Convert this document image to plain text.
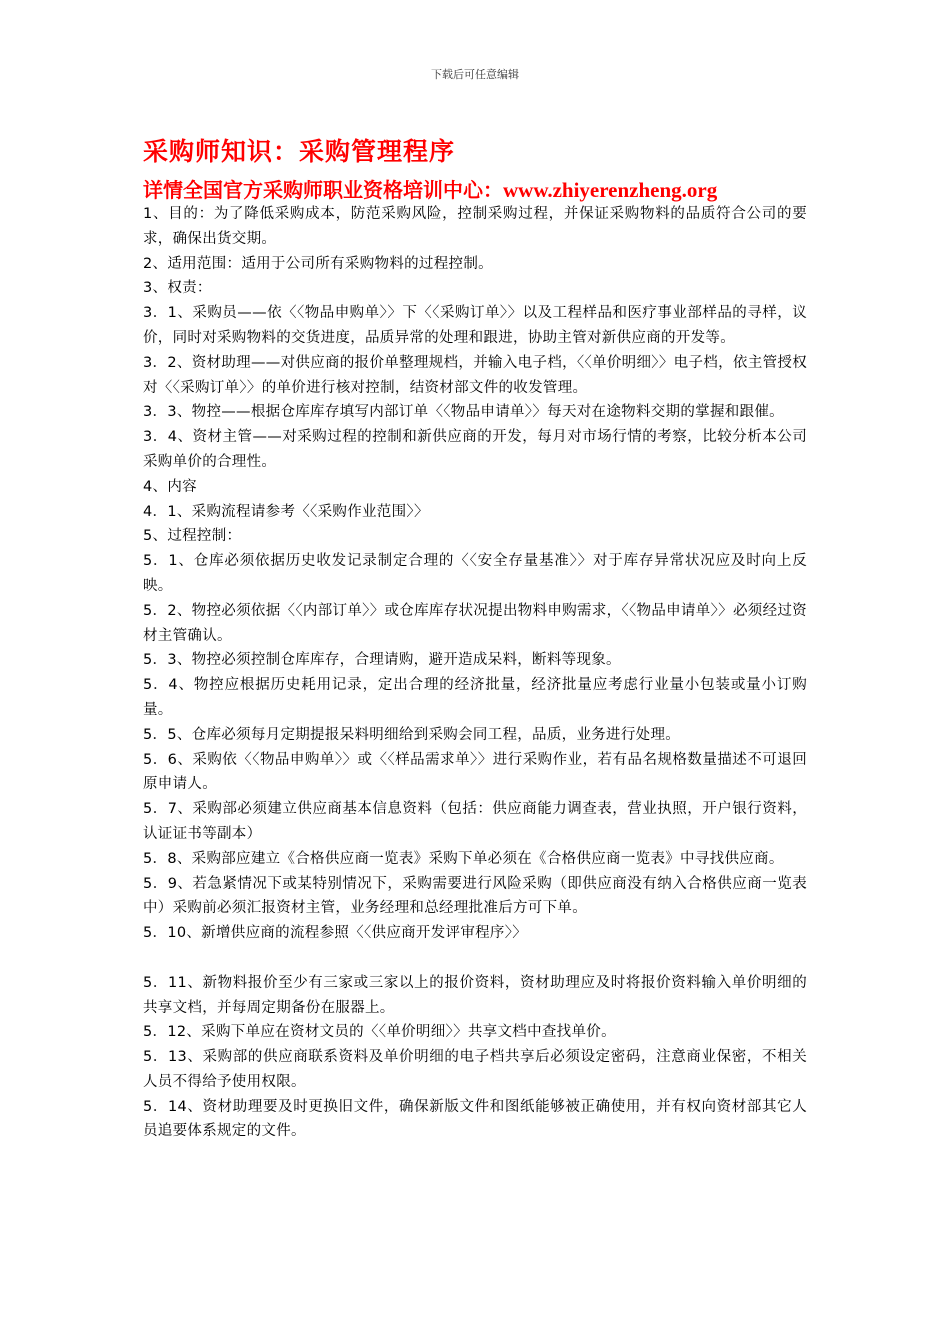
下载后可任意编辑
采购师知识：采购管理程序
详情全国官方采购师职业资格培训中心：www.zhiyerenzheng.org

1、目的：为了降低采购成本，防范采购风险，控制采购过程，并保证采购物料的品质符合公司的要求，确保出货交期。

2、适用范围：适用于公司所有采购物料的过程控制。

3、权责：

3．1、采购员——依〈〈物品申购单〉〉下〈〈采购订单〉〉以及工程样品和医疗事业部样品的寻样，议价，同时对采购物料的交货进度，品质异常的处理和跟进，协助主管对新供应商的开发等。

3．2、资材助理——对供应商的报价单整理规档，并输入电子档，〈〈单价明细〉〉电子档，依主管授权对〈〈采购订单〉〉的单价进行核对控制，结资材部文件的收发管理。

3．3、物控——根据仓库库存填写内部订单〈〈物品申请单〉〉每天对在途物料交期的掌握和跟催。

3．4、资材主管——对采购过程的控制和新供应商的开发，每月对市场行情的考察，比较分析本公司采购单价的合理性。

4、内容

4．1、采购流程请参考〈〈采购作业范围〉〉

5、过程控制：

5．1、仓库必须依据历史收发记录制定合理的〈〈安全存量基准〉〉对于库存异常状况应及时向上反映。

5．2、物控必须依据〈〈内部订单〉〉或仓库库存状况提出物料申购需求，〈〈物品申请单〉〉必须经过资材主管确认。

5．3、物控必须控制仓库库存，合理请购，避开造成呆料，断料等现象。

5．4、物控应根据历史耗用记录，定出合理的经济批量，经济批量应考虑行业量小包装或量小订购量。

5．5、仓库必须每月定期提报呆料明细给到采购会同工程，品质，业务进行处理。

5．6、采购依〈〈物品申购单〉〉或〈〈样品需求单〉〉进行采购作业，若有品名规格数量描述不可退回原申请人。

5．7、采购部必须建立供应商基本信息资料（包括：供应商能力调查表，营业执照，开户银行资料，认证证书等副本）

5．8、采购部应建立《合格供应商一览表》采购下单必须在《合格供应商一览表》中寻找供应商。

5．9、若急紧情况下或某特别情况下，采购需要进行风险采购（即供应商没有纳入合格供应商一览表中）采购前必须汇报资材主管，业务经理和总经理批准后方可下单。

5．10、新增供应商的流程参照〈〈供应商开发评审程序〉〉

5．11、新物料报价至少有三家或三家以上的报价资料，资材助理应及时将报价资料输入单价明细的共享文档，并每周定期备份在服器上。

5．12、采购下单应在资材文员的〈〈单价明细〉〉共享文档中查找单价。

5．13、采购部的供应商联系资料及单价明细的电子档共享后必须设定密码，注意商业保密，不相关人员不得给予使用权限。

5．14、资材助理要及时更换旧文件，确保新版文件和图纸能够被正确使用，并有权向资材部其它人员追要体系规定的文件。
